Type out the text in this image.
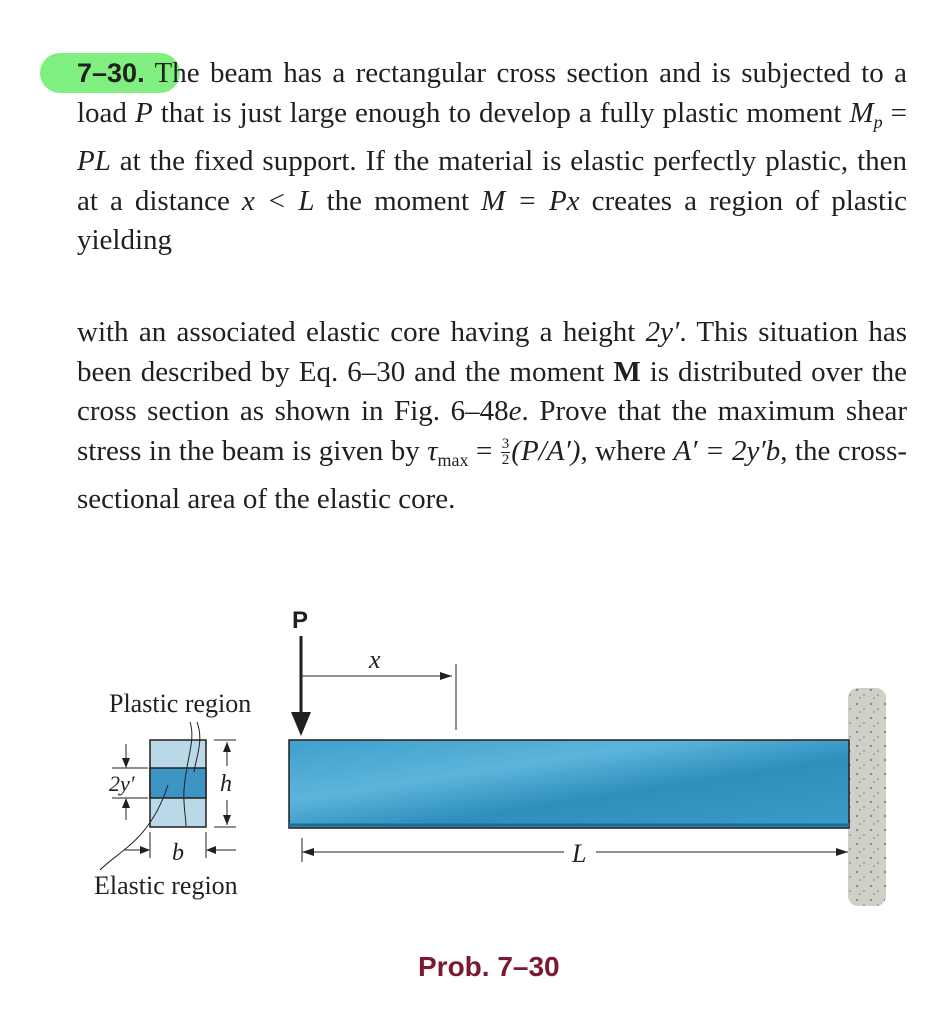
7–30. The beam has a rectangular cross section and is subjected to a load P that is just large enough to develop a fully plastic moment $M_p$ = PL at the fixed support. If the material is elastic perfectly plastic, then at a distance x < L the moment M = Px creates a region of plastic yielding

with an associated elastic core having a height 2y′. This situation has been described by Eq. 6–30 and the moment M is distributed over the cross section as shown in Fig. 6–48e. Prove that the maximum shear stress in the beam is given by $\tau_{max} = \frac{3}{2} (P/A')$, where A′ = 2y′b, the cross-sectional area of the elastic core.

P
x
L
Plastic region
Elastic region
2y′	h
b

Prob. 7–30
